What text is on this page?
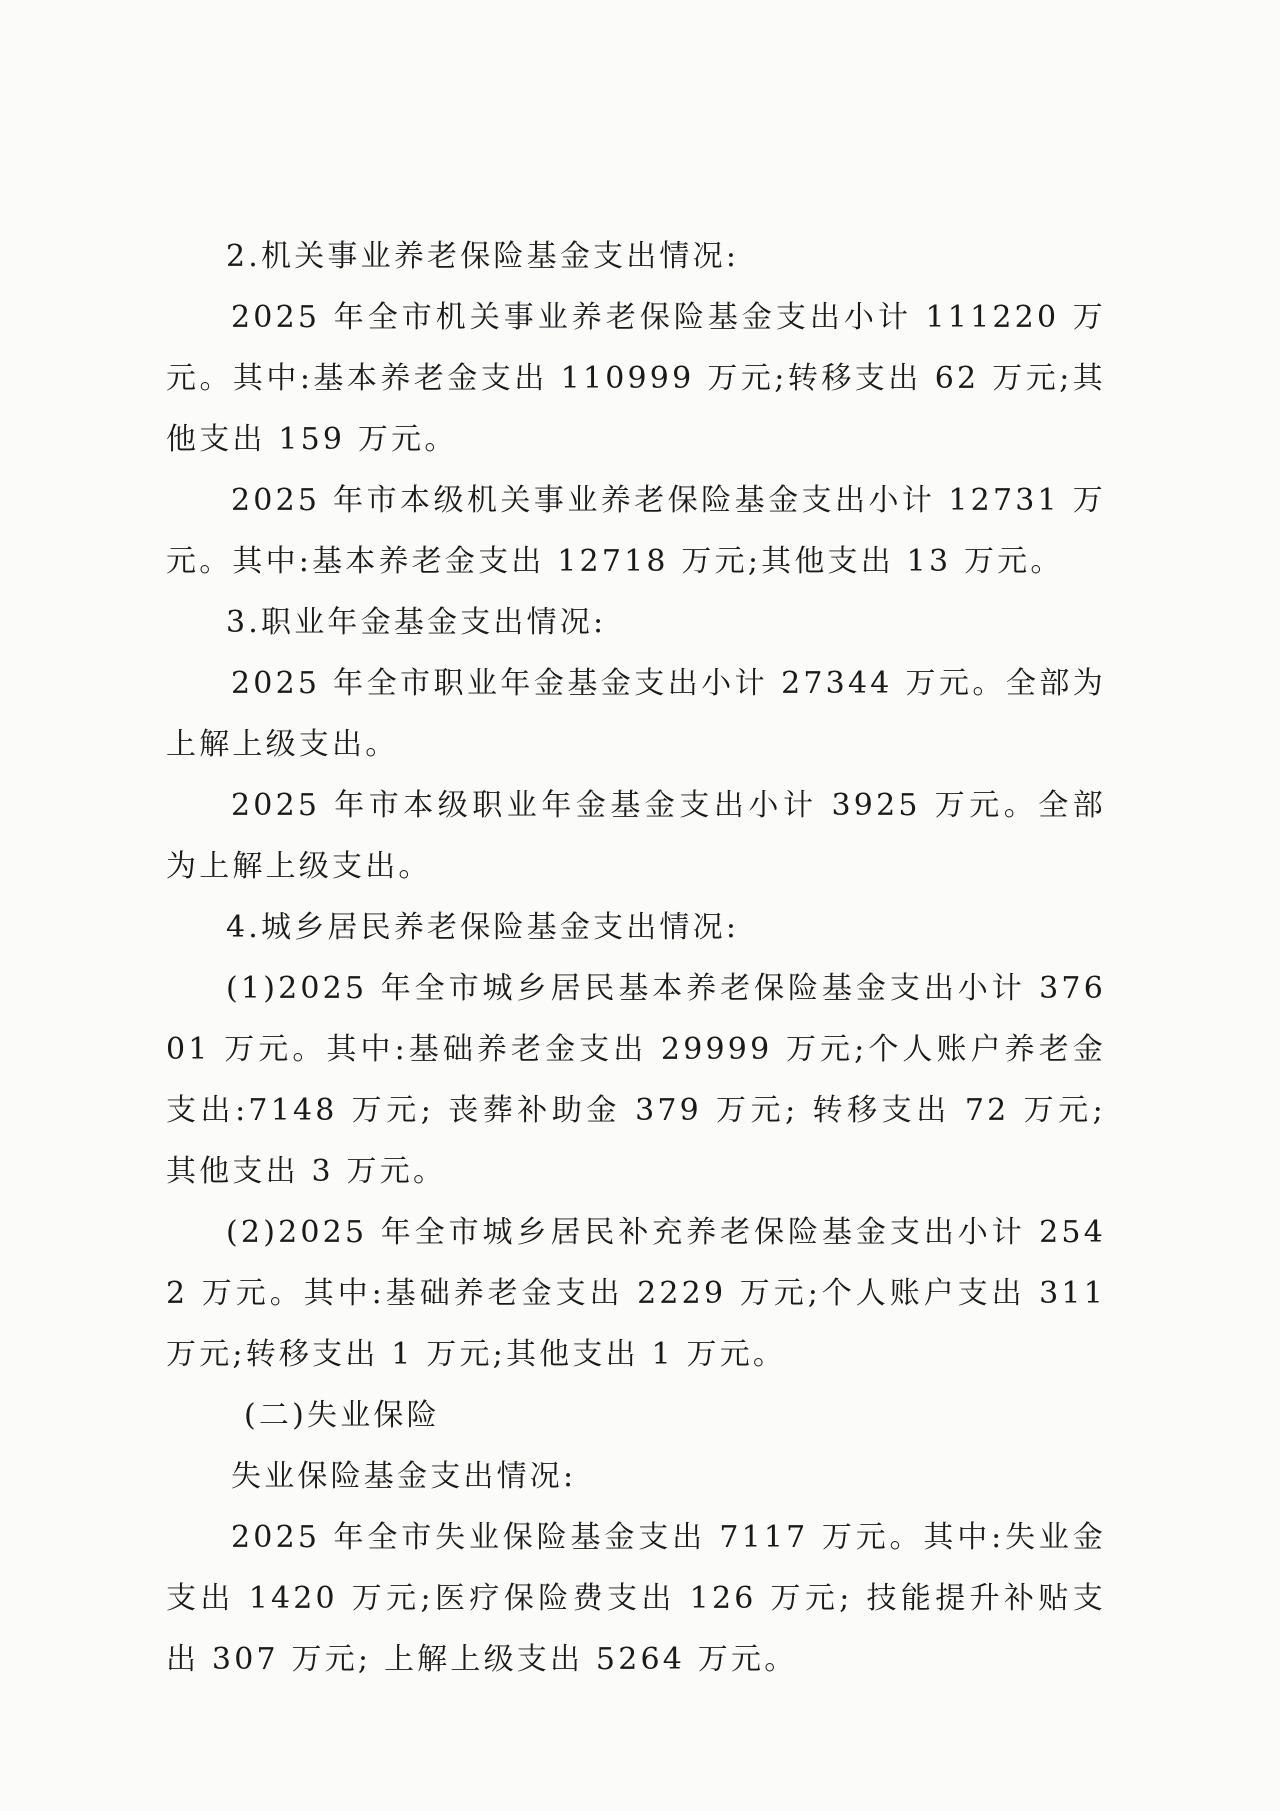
2.机关事业养老保险基金支出情况:

2025 年全市机关事业养老保险基金支出小计 111220 万元。其中:基本养老金支出 110999 万元;转移支出 62 万元;其他支出 159 万元。

2025 年市本级机关事业养老保险基金支出小计 12731 万元。其中:基本养老金支出 12718 万元;其他支出 13 万元。

3.职业年金基金支出情况:

2025 年全市职业年金基金支出小计 27344 万元。全部为上解上级支出。

2025 年市本级职业年金基金支出小计 3925 万元。全部为上解上级支出。

4.城乡居民养老保险基金支出情况:

(1)2025 年全市城乡居民基本养老保险基金支出小计 37601 万元。其中:基础养老金支出 29999 万元;个人账户养老金支出:7148 万元; 丧葬补助金 379 万元; 转移支出 72 万元;其他支出 3 万元。

(2)2025 年全市城乡居民补充养老保险基金支出小计 2542 万元。其中:基础养老金支出 2229 万元;个人账户支出 311 万元;转移支出 1 万元;其他支出 1 万元。

(二)失业保险

失业保险基金支出情况:

2025 年全市失业保险基金支出 7117 万元。其中:失业金支出 1420 万元;医疗保险费支出 126 万元; 技能提升补贴支出 307 万元; 上解上级支出 5264 万元。
